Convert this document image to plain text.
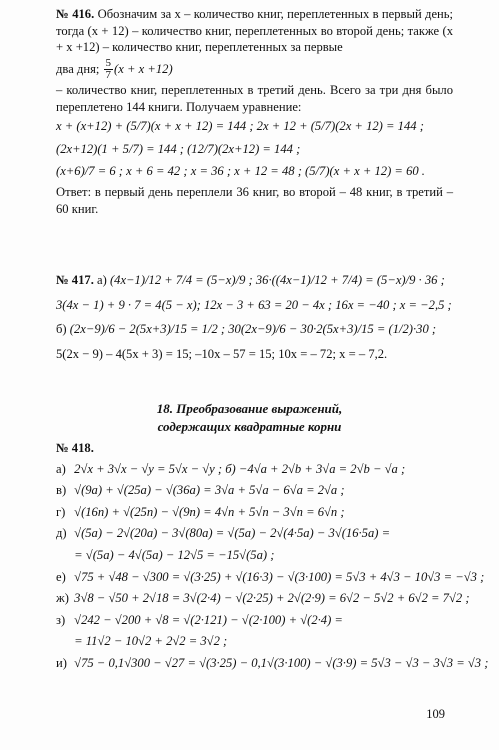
№ 416. Обозначим за x – количество книг, переплетенных в первый день; тогда (x + 12) – количество книг, переплетенных во второй день; также (x + x +12) – количество книг, переплетенных за первые

два дня; $\frac{5}{7} (x + x +12)$

– количество книг, переплетенных в третий день. Всего за три дня было переплетено 144 книги. Получаем уравнение:

x + (x+12) + (5/7)(x + x + 12) = 144 ; 2x + 12 + (5/7)(2x + 12) = 144 ;
(2x+12)(1 + 5/7) = 144 ; (12/7)(2x+12) = 144 ;
(x+6)/7 = 6 ; x + 6 = 42 ; x = 36 ; x + 12 = 48 ; (5/7)(x + x + 12) = 60 .

Ответ: в первый день переплели 36 книг, во второй – 48 книг, в третий – 60 книг.

№ 417. а) (4x−1)/12 + 7/4 = (5−x)/9 ; 36·((4x−1)/12 + 7/4) = (5−x)/9 · 36 ;
3(4x − 1) + 9 · 7 = 4(5 − x); 12x − 3 + 63 = 20 − 4x ; 16x = −40 ; x = −2,5 ;
б) (2x−9)/6 − 2(5x+3)/15 = 1/2 ; 30(2x−9)/6 − 30·2(5x+3)/15 = (1/2)·30 ;
5(2x − 9) – 4(5x + 3) = 15; –10x – 57 = 15; 10x = – 72; x = – 7,2.
18. Преобразование выражений,
содержащих квадратные корни
№ 418.
а) 2√x + 3√x − √y = 5√x − √y ; б) −4√a + 2√b + 3√a = 2√b − √a ;
в) √(9a) + √(25a) − √(36a) = 3√a + 5√a − 6√a = 2√a ;
г) √(16n) + √(25n) − √(9n) = 4√n + 5√n − 3√n = 6√n ;
д) √(5a) − 2√(20a) − 3√(80a) = √(5a) − 2√(4·5a) − 3√(16·5a) =
= √(5a) − 4√(5a) − 12√5 = −15√(5a) ;
е) √75 + √48 − √300 = √(3·25) + √(16·3) − √(3·100) = 5√3 + 4√3 − 10√3 = −√3 ;
ж) 3√8 − √50 + 2√18 = 3√(2·4) − √(2·25) + 2√(2·9) = 6√2 − 5√2 + 6√2 = 7√2 ;
з) √242 − √200 + √8 = √(2·121) − √(2·100) + √(2·4) =
= 11√2 − 10√2 + 2√2 = 3√2 ;
и) √75 − 0,1√300 − √27 = √(3·25) − 0,1√(3·100) − √(3·9) = 5√3 − √3 − 3√3 = √3 ;
109
